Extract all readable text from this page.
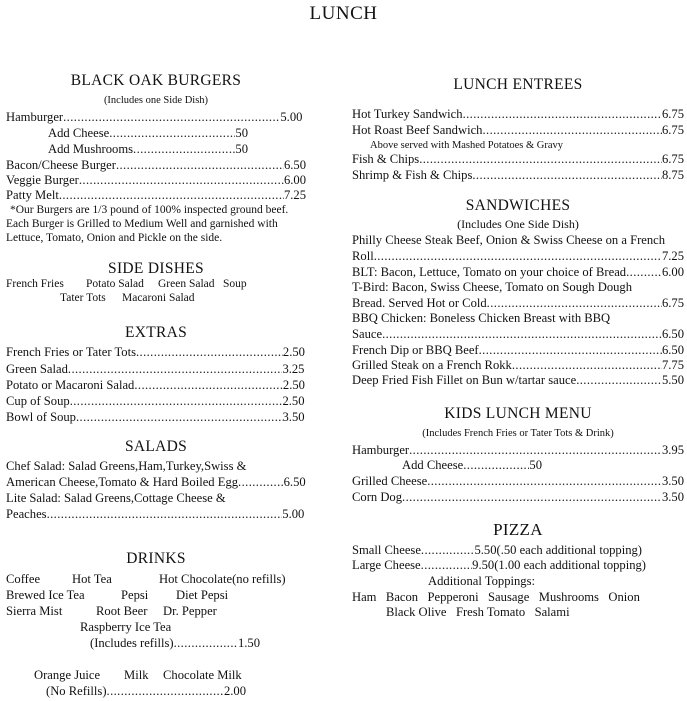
LUNCH
BLACK OAK BURGERS
(Includes one Side Dish)
Hamburger .....	5.00
Add Cheese .....	50
Add Mushrooms .....	50
Bacon/Cheese Burger .....	6.50
Veggie Burger .....	6.00
Patty Melt .....	7.25
*Our Burgers are 1/3 pound of 100% inspected ground beef.
Each Burger is Grilled to Medium Well and garnished with
Lettuce, Tomato, Onion and Pickle on the side.
SIDE DISHES
French Fries Potato Salad Green Salad Soup
Tater Tots Macaroni Salad
EXTRAS
French Fries or Tater Tots .....	2.50
Green Salad .....	3.25
Potato or Macaroni Salad .....	2.50
Cup of Soup .....	2.50
Bowl of Soup .....	3.50
SALADS
Chef Salad: Salad Greens,Ham,Turkey,Swiss &
American Cheese,Tomato & Hard Boiled Egg .....	6.50
Lite Salad: Salad Greens,Cottage Cheese &
Peaches .....	5.00
DRINKS
Coffee	Hot Tea	Hot Chocolate(no refills)
Brewed Ice Tea	Pepsi Diet Pepsi
Sierra Mist	Root Beer Dr. Pepper
Raspberry Ice Tea
(Includes refills) .....	1.50
Orange Juice Milk Chocolate Milk
(No Refills) .....	2.00
LUNCH ENTREES
Hot Turkey Sandwich .....	6.75
Hot Roast Beef Sandwich .....	6.75
Above served with Mashed Potatoes & Gravy
Fish & Chips .....	6.75
Shrimp & Fish & Chips .....	8.75
SANDWICHES
(Includes One Side Dish)
Philly Cheese Steak Beef, Onion & Swiss Cheese on a French
Roll .....	7.25
BLT: Bacon, Lettuce, Tomato on your choice of Bread .....	6.00
T-Bird: Bacon, Swiss Cheese, Tomato on Sough Dough
Bread. Served Hot or Cold .....	6.75
BBQ Chicken: Boneless Chicken Breast with BBQ
Sauce .....	6.50
French Dip or BBQ Beef .....	6.50
Grilled Steak on a French Rokk .....	7.75
Deep Fried Fish Fillet on Bun w/tartar sauce .....	5.50
KIDS LUNCH MENU
(Includes French Fries or Tater Tots & Drink)
Hamburger .....	3.95
Add Cheese .....	50
Grilled Cheese .....	3.50
Corn Dog .....	3.50
PIZZA
Small Cheese .....	5.50(.50 each additional topping)
Large Cheese .....	9.50(1.00 each additional topping)
Additional Toppings:
Ham   Bacon   Pepperoni   Sausage   Mushrooms   Onion
Black Olive   Fresh Tomato   Salami
